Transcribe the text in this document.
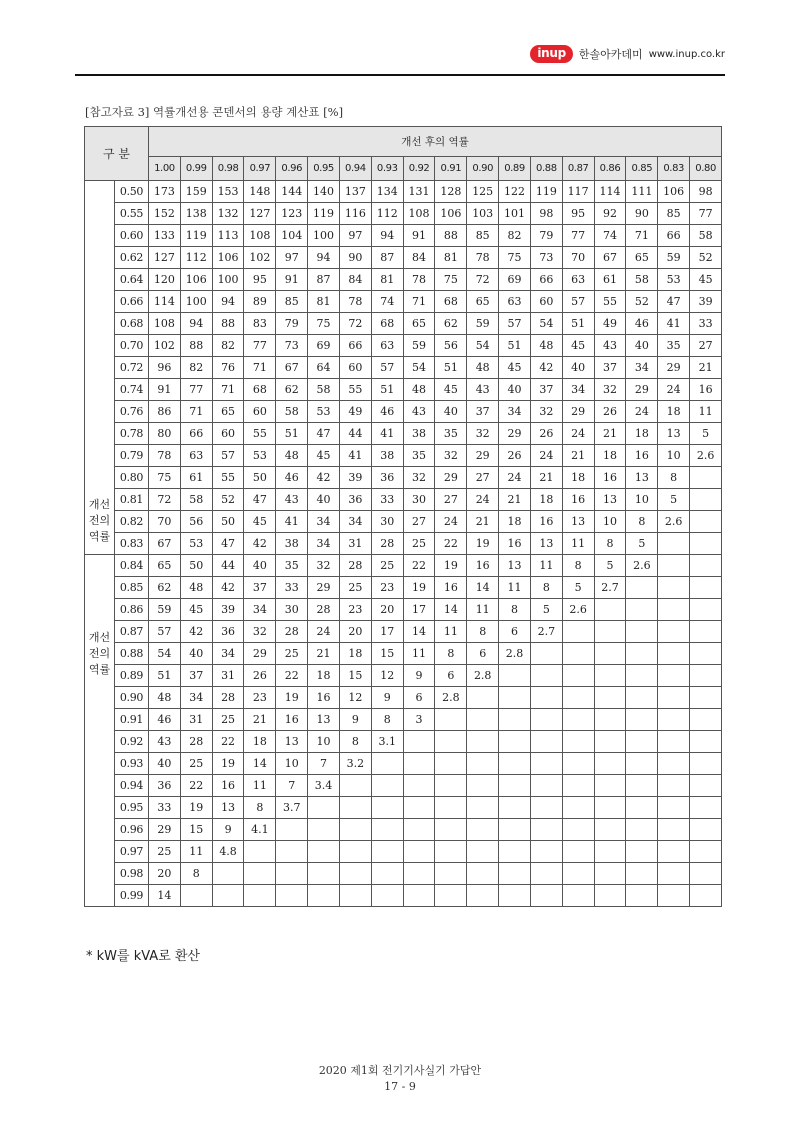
inup	한솔아카데미 www.inup.co.kr
[참고자료 3] 역률개선용 콘덴서의 용량 계산표 [%]
구 분		개선 후의 역률																	
		1.00	0.99	0.98	0.97	0.96	0.95	0.94	0.93	0.92	0.91	0.90	0.89	0.88	0.87	0.86	0.85	0.83	0.80
	0.50	173	159	153	148	144	140	137	134	131	128	125	122	119	117	114	111	106	98
	0.55	152	138	132	127	123	119	116	112	108	106	103	101	98	95	92	90	85	77
	0.60	133	119	113	108	104	100	97	94	91	88	85	82	79	77	74	71	66	58
	0.62	127	112	106	102	97	94	90	87	84	81	78	75	73	70	67	65	59	52
	0.64	120	106	100	95	91	87	84	81	78	75	72	69	66	63	61	58	53	45
	0.66	114	100	94	89	85	81	78	74	71	68	65	63	60	57	55	52	47	39
	0.68	108	94	88	83	79	75	72	68	65	62	59	57	54	51	49	46	41	33
	0.70	102	88	82	77	73	69	66	63	59	56	54	51	48	45	43	40	35	27
	0.72	96	82	76	71	67	64	60	57	54	51	48	45	42	40	37	34	29	21
	0.74	91	77	71	68	62	58	55	51	48	45	43	40	37	34	32	29	24	16
	0.76	86	71	65	60	58	53	49	46	43	40	37	34	32	29	26	24	18	11
	0.78	80	66	60	55	51	47	44	41	38	35	32	29	26	24	21	18	13	5
	0.79	78	63	57	53	48	45	41	38	35	32	29	26	24	21	18	16	10	2.6
	0.80	75	61	55	50	46	42	39	36	32	29	27	24	21	18	16	13	8	

개선
전의
역률	0.81	72	58	52	47	43	40	36	33	30	27	24	21	18	16	13	10	5	
	0.82	70	56	50	45	41	34	34	30	27	24	21	18	16	13	10	8	2.6	
	0.83	67	53	47	42	38	34	31	28	25	22	19	16	13	11	8	5		
	0.84	65	50	44	40	35	32	28	25	22	19	16	13	11	8	5	2.6		
	0.85	62	48	42	37	33	29	25	23	19	16	14	11	8	5	2.7			
	0.86	59	45	39	34	30	28	23	20	17	14	11	8	5	2.6				

개선
전의
역률	0.87	57	42	36	32	28	24	20	17	14	11	8	6	2.7					
	0.88	54	40	34	29	25	21	18	15	11	8	6	2.8						
	0.89	51	37	31	26	22	18	15	12	9	6	2.8							
	0.90	48	34	28	23	19	16	12	9	6	2.8								
	0.91	46	31	25	21	16	13	9	8	3									
	0.92	43	28	22	18	13	10	8	3.1										
	0.93	40	25	19	14	10	7	3.2											
	0.94	36	22	16	11	7	3.4												
	0.95	33	19	13	8	3.7													
	0.96	29	15	9	4.1														
	0.97	25	11	4.8															
	0.98	20	8																
	0.99	14																	
* kW를 kVA로 환산
2020 제1회 전기기사실기 가답안
17 - 9
